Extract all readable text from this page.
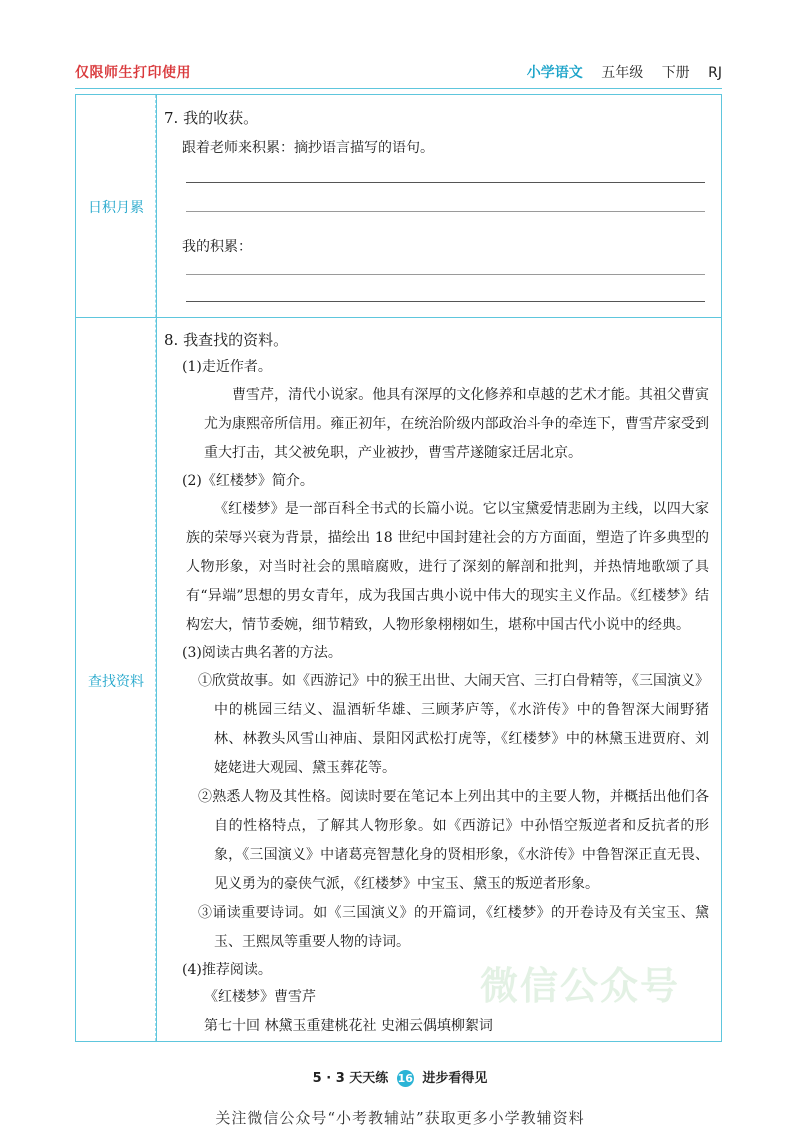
仅限师生打印使用	小学语文 五年级 下册 RJ
日积月累
查找资料
7. 我的收获。
跟着老师来积累：摘抄语言描写的语句。
我的积累：
8. 我查找的资料。
(1)走近作者。
曹雪芹，清代小说家。他具有深厚的文化修养和卓越的艺术才能。其祖父曹寅尤为康熙帝所信用。雍正初年，在统治阶级内部政治斗争的牵连下，曹雪芹家受到重大打击，其父被免职，产业被抄，曹雪芹遂随家迁居北京。
(2)《红楼梦》简介。
《红楼梦》是一部百科全书式的长篇小说。它以宝黛爱情悲剧为主线，以四大家族的荣辱兴衰为背景，描绘出 18 世纪中国封建社会的方方面面，塑造了许多典型的人物形象，对当时社会的黑暗腐败，进行了深刻的解剖和批判，并热情地歌颂了具有“异端”思想的男女青年，成为我国古典小说中伟大的现实主义作品。《红楼梦》结构宏大，情节委婉，细节精致，人物形象栩栩如生，堪称中国古代小说中的经典。
(3)阅读古典名著的方法。
①欣赏故事。如《西游记》中的猴王出世、大闹天宫、三打白骨精等，《三国演义》中的桃园三结义、温酒斩华雄、三顾茅庐等，《水浒传》中的鲁智深大闹野猪林、林教头风雪山神庙、景阳冈武松打虎等，《红楼梦》中的林黛玉进贾府、刘姥姥进大观园、黛玉葬花等。
②熟悉人物及其性格。阅读时要在笔记本上列出其中的主要人物，并概括出他们各自的性格特点，了解其人物形象。如《西游记》中孙悟空叛逆者和反抗者的形象，《三国演义》中诸葛亮智慧化身的贤相形象，《水浒传》中鲁智深正直无畏、见义勇为的豪侠气派，《红楼梦》中宝玉、黛玉的叛逆者形象。
③诵读重要诗词。如《三国演义》的开篇词，《红楼梦》的开卷诗及有关宝玉、黛玉、王熙凤等重要人物的诗词。
(4)推荐阅读。
《红楼梦》曹雪芹
第七十回 林黛玉重建桃花社 史湘云偶填柳絮词
微信公众号
5 · 3 天天练 16 进步看得见
关注微信公众号“小考教辅站”获取更多小学教辅资料
